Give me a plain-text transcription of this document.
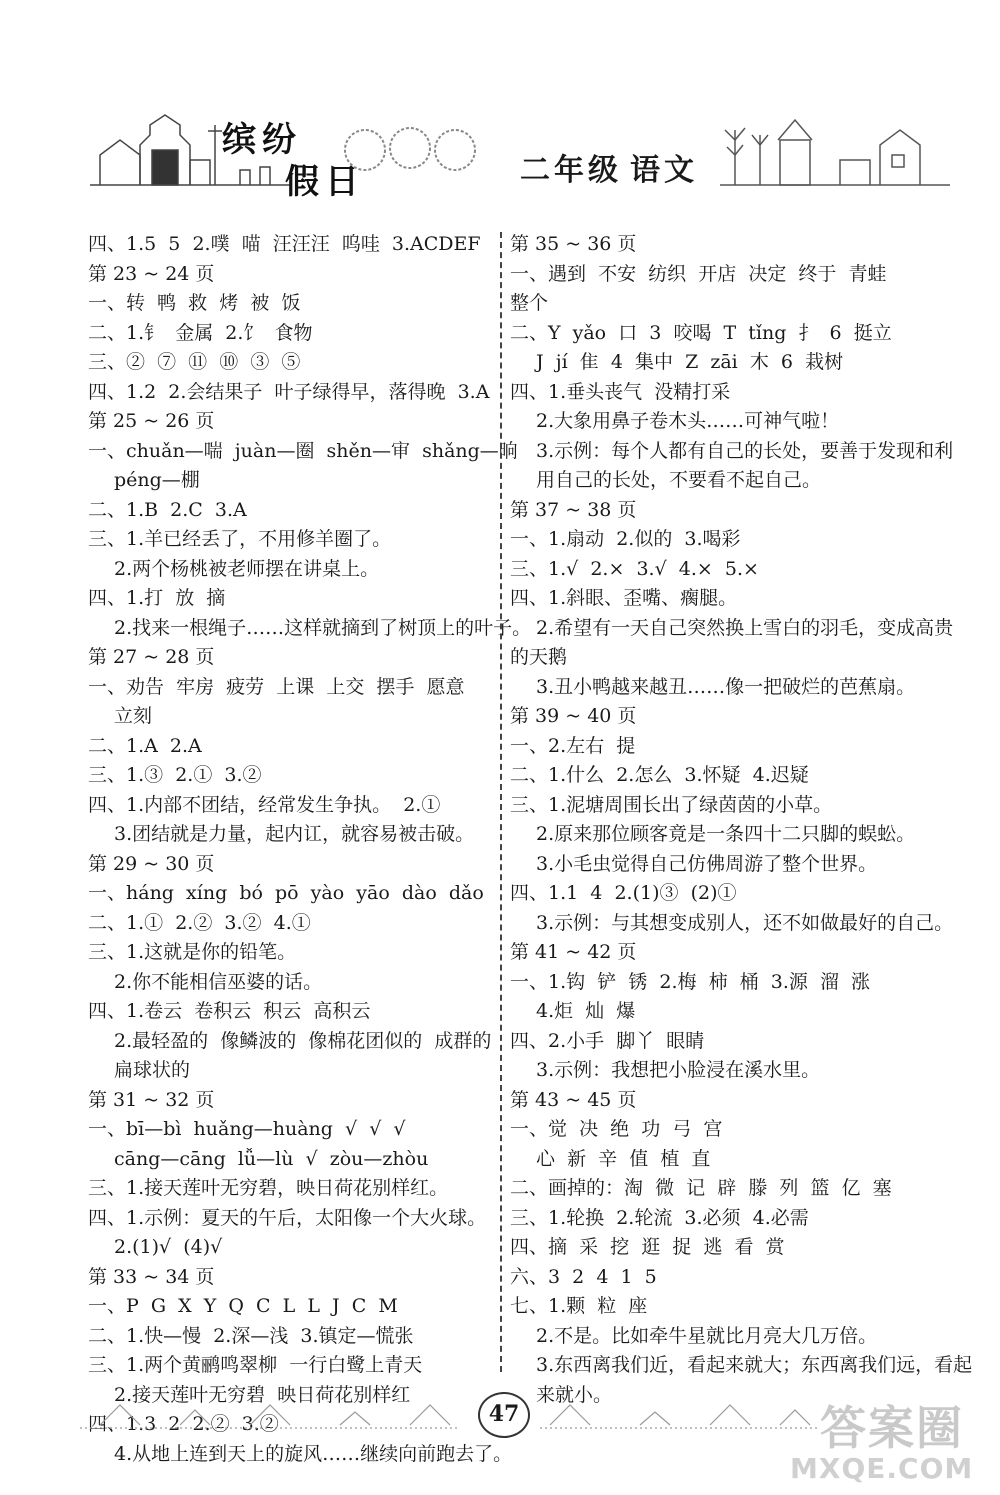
缤纷
假日	二年级 语文
四、1.5  5  2.噗  喵  汪汪汪  呜哇  3.ACDEF
第 23 ~ 24 页
一、转  鸭  救  烤  被  饭
二、1.钅  金属  2.饣  食物
三、②  ⑦  ⑪  ⑩  ③  ⑤
四、1.2  2.会结果子  叶子绿得早，落得晚  3.A
第 25 ~ 26 页
一、chuǎn—喘  juàn—圈  shěn—审  shǎng—晌
péng—棚
二、1.B  2.C  3.A
三、1.羊已经丢了，不用修羊圈了。
2.两个杨桃被老师摆在讲桌上。
四、1.打  放  摘
2.找来一根绳子……这样就摘到了树顶上的叶子。
第 27 ~ 28 页
一、劝告  牢房  疲劳  上课  上交  摆手  愿意
立刻
二、1.A  2.A
三、1.③  2.①  3.②
四、1.内部不团结，经常发生争执。  2.①
3.团结就是力量，起内讧，就容易被击破。
第 29 ~ 30 页
一、háng  xíng  bó  pō  yào  yāo  dào  dǎo
二、1.①  2.②  3.②  4.①
三、1.这就是你的铅笔。
2.你不能相信巫婆的话。
四、1.卷云  卷积云  积云  高积云
2.最轻盈的  像鳞波的  像棉花团似的  成群的
扁球状的
第 31 ~ 32 页
一、bī—bì  huǎng—huàng  √  √  √
cāng—cāng  lǚ—lù  √  zòu—zhòu
三、1.接天莲叶无穷碧，映日荷花别样红。
四、1.示例：夏天的午后，太阳像一个大火球。
2.(1)√  (4)√
第 33 ~ 34 页
一、P  G  X  Y  Q  C  L  L  J  C  M
二、1.快—慢  2.深—浅  3.镇定—慌张
三、1.两个黄鹂鸣翠柳  一行白鹭上青天
2.接天莲叶无穷碧  映日荷花别样红
四、1.3  2  2.②  3.②
4.从地上连到天上的旋风……继续向前跑去了。
第 35 ~ 36 页
一、遇到  不安  纺织  开店  决定  终于  青蛙
整个
二、Y  yǎo  口  3  咬喝  T  tǐng  扌  6  挺立
J  jí  隹  4  集中  Z  zāi  木  6  栽树
四、1.垂头丧气  没精打采
2.大象用鼻子卷木头……可神气啦！
3.示例：每个人都有自己的长处，要善于发现和利
用自己的长处，不要看不起自己。
第 37 ~ 38 页
一、1.扇动  2.似的  3.喝彩
三、1.√  2.×  3.√  4.×  5.×
四、1.斜眼、歪嘴、瘸腿。
2.希望有一天自己突然换上雪白的羽毛，变成高贵
的天鹅
3.丑小鸭越来越丑……像一把破烂的芭蕉扇。
第 39 ~ 40 页
一、2.左右  提
二、1.什么  2.怎么  3.怀疑  4.迟疑
三、1.泥塘周围长出了绿茵茵的小草。
2.原来那位顾客竟是一条四十二只脚的蜈蚣。
3.小毛虫觉得自己仿佛周游了整个世界。
四、1.1  4  2.(1)③  (2)①
3.示例：与其想变成别人，还不如做最好的自己。
第 41 ~ 42 页
一、1.钩  铲  锈  2.梅  柿  桶  3.源  溜  涨
4.炬  灿  爆
四、2.小手  脚丫  眼睛
3.示例：我想把小脸浸在溪水里。
第 43 ~ 45 页
一、觉  决  绝  功  弓  宫
心  新  辛  值  植  直
二、画掉的：淘  微  记  辟  滕  列  篮  亿  塞
三、1.轮换  2.轮流  3.必须  4.必需
四、摘  采  挖  逛  捉  逃  看  赏
六、3  2  4  1  5
七、1.颗  粒  座
2.不是。比如牵牛星就比月亮大几万倍。
3.东西离我们近，看起来就大；东西离我们远，看起
来就小。
47	答案圈
MXQE.COM
